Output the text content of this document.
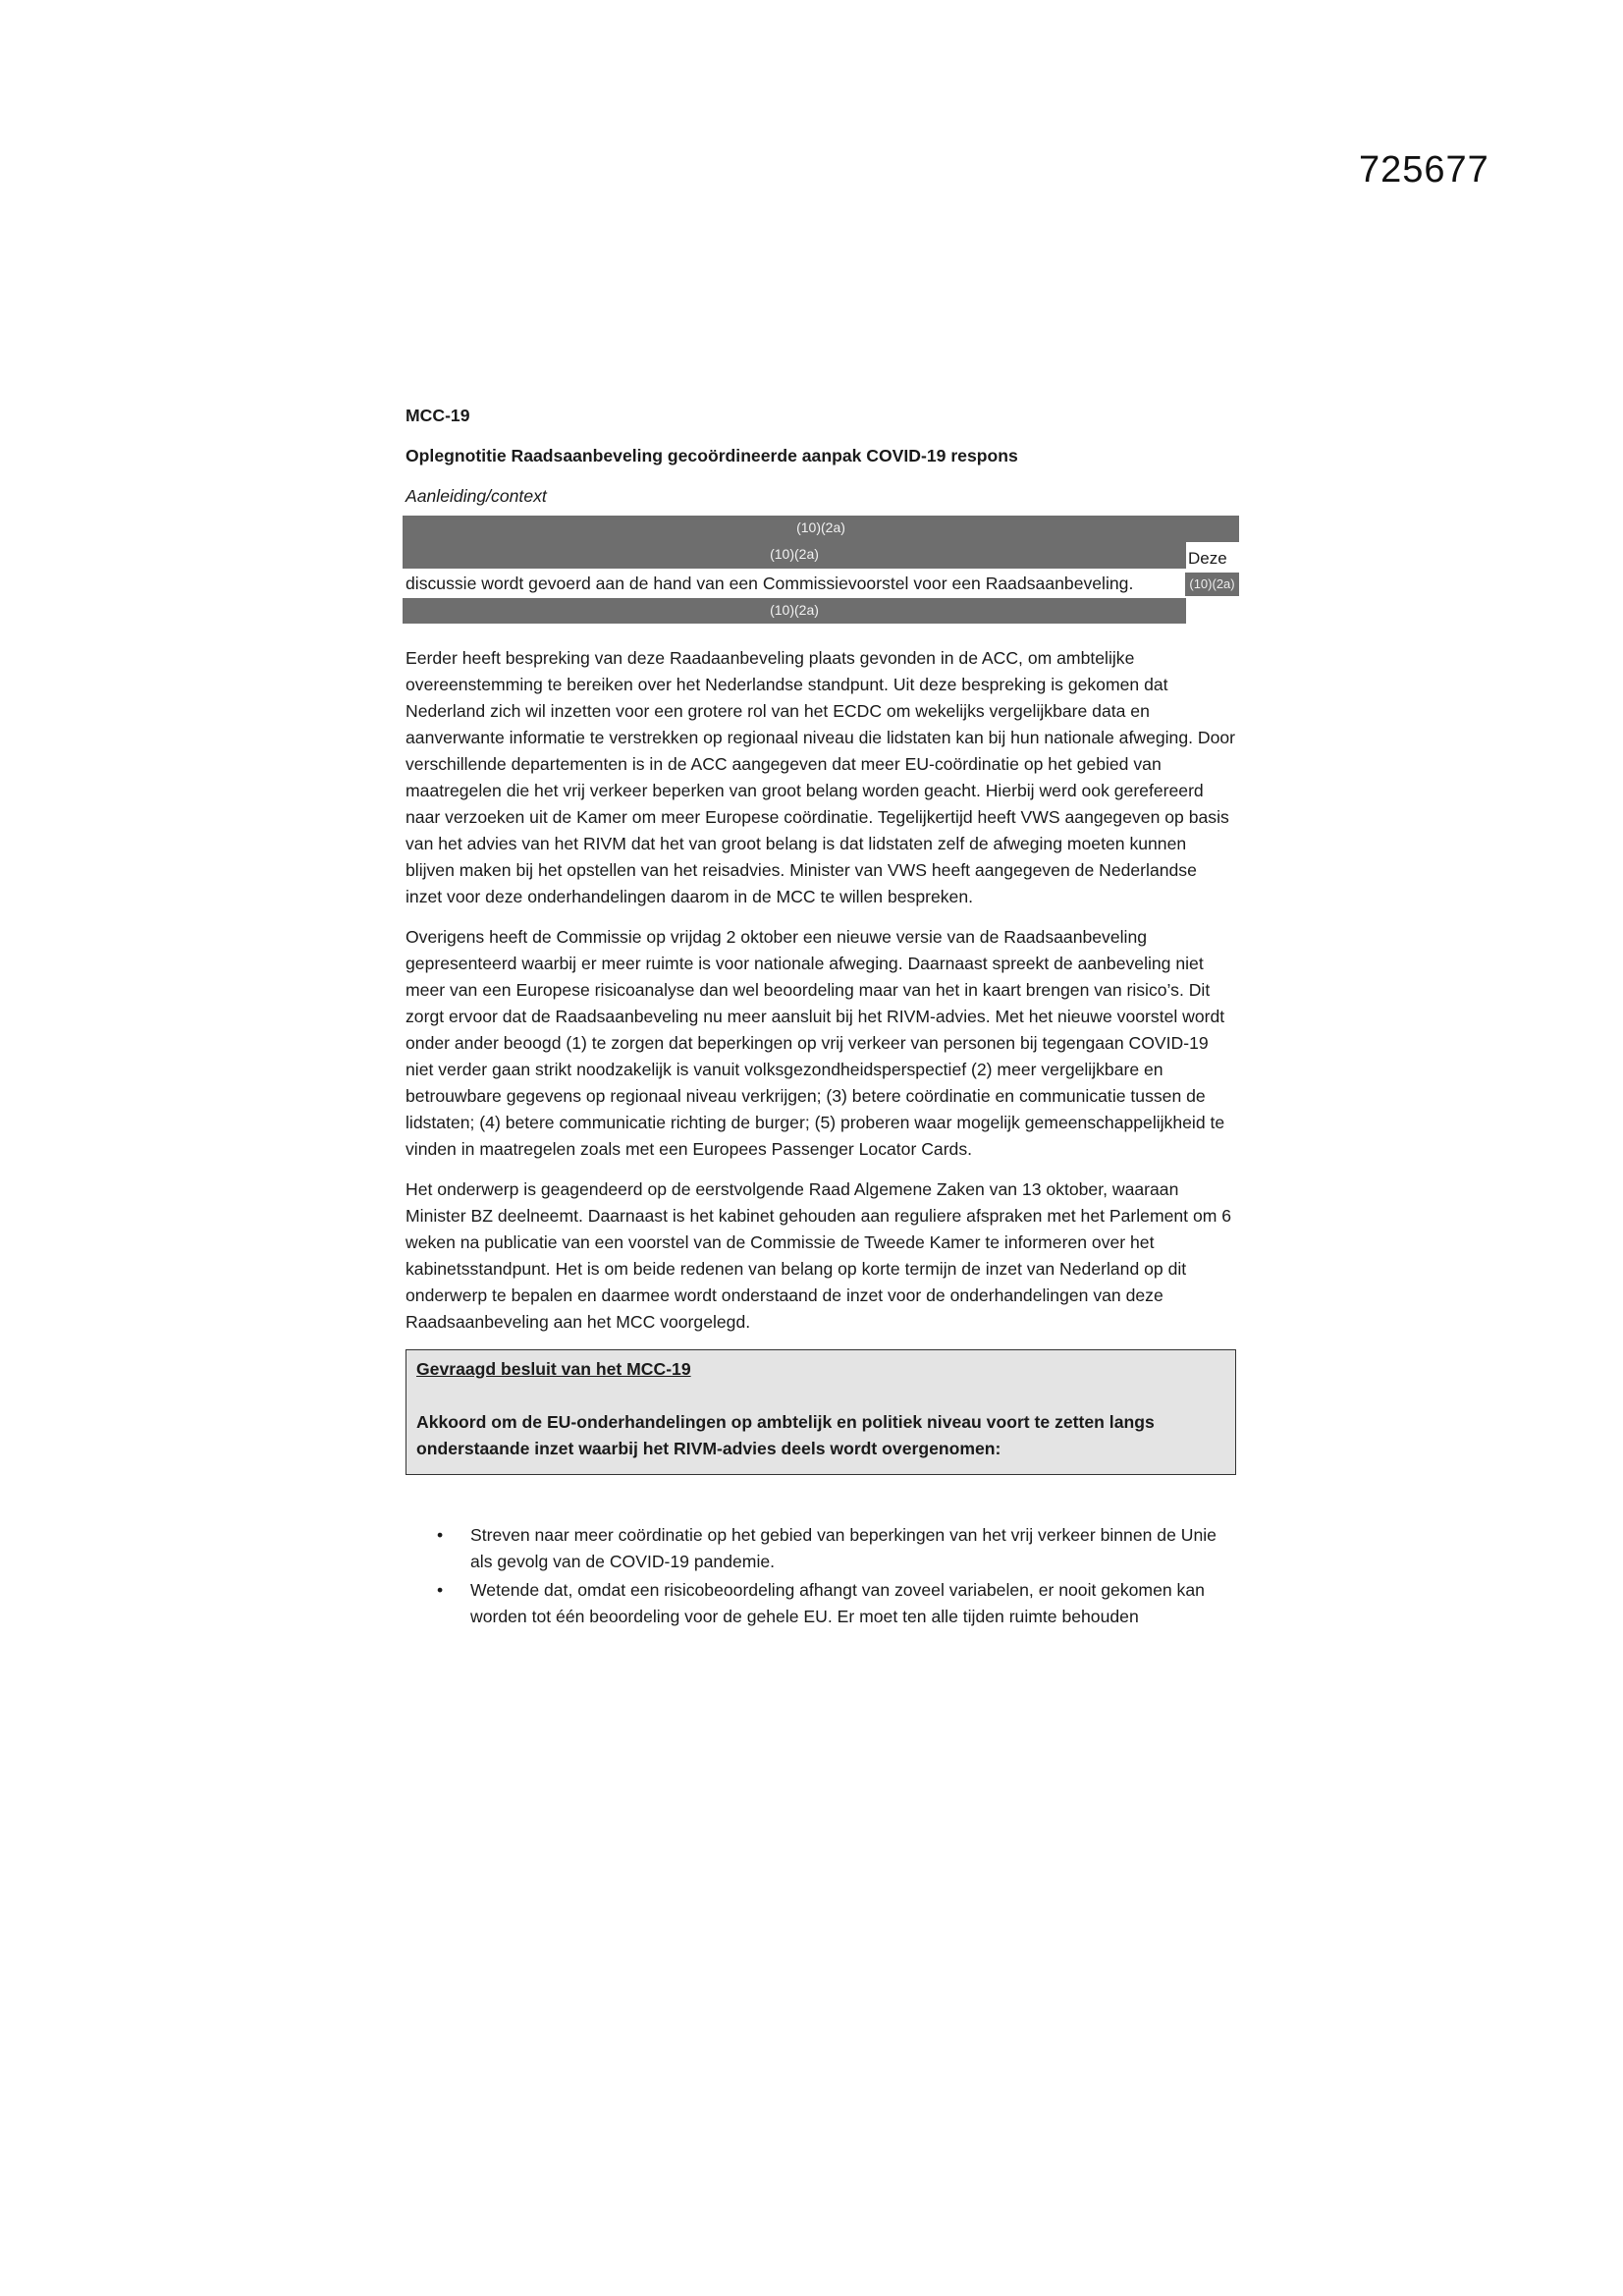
725677
MCC-19
Oplegnotitie Raadsaanbeveling gecoördineerde aanpak COVID-19 respons
Aanleiding/context
(10)(2a)
(10)(2a)	Deze
discussie wordt gevoerd aan de hand van een Commissievoorstel voor een Raadsaanbeveling.	(10)(2a)
(10)(2a)

Eerder heeft bespreking van deze Raadaanbeveling plaats gevonden in de ACC, om ambtelijke overeenstemming te bereiken over het Nederlandse standpunt. Uit deze bespreking is gekomen dat Nederland zich wil inzetten voor een grotere rol van het ECDC om wekelijks vergelijkbare data en aanverwante informatie te verstrekken op regionaal niveau die lidstaten kan bij hun nationale afweging. Door verschillende departementen is in de ACC aangegeven dat meer EU-coördinatie op het gebied van maatregelen die het vrij verkeer beperken van groot belang worden geacht. Hierbij werd ook gerefereerd naar verzoeken uit de Kamer om meer Europese coördinatie. Tegelijkertijd heeft VWS aangegeven op basis van het advies van het RIVM dat het van groot belang is dat lidstaten zelf de afweging moeten kunnen blijven maken bij het opstellen van het reisadvies. Minister van VWS heeft aangegeven de Nederlandse inzet voor deze onderhandelingen daarom in de MCC te willen bespreken.

Overigens heeft de Commissie op vrijdag 2 oktober een nieuwe versie van de Raadsaanbeveling gepresenteerd waarbij er meer ruimte is voor nationale afweging. Daarnaast spreekt de aanbeveling niet meer van een Europese risicoanalyse dan wel beoordeling maar van het in kaart brengen van risico’s. Dit zorgt ervoor dat de Raadsaanbeveling nu meer aansluit bij het RIVM-advies. Met het nieuwe voorstel wordt onder ander beoogd (1) te zorgen dat beperkingen op vrij verkeer van personen bij tegengaan COVID-19 niet verder gaan strikt noodzakelijk is vanuit volksgezondheidsperspectief (2) meer vergelijkbare en betrouwbare gegevens op regionaal niveau verkrijgen; (3) betere coördinatie en communicatie tussen de lidstaten; (4) betere communicatie richting de burger; (5) proberen waar mogelijk gemeenschappelijkheid te vinden in maatregelen zoals met een Europees Passenger Locator Cards.

Het onderwerp is geagendeerd op de eerstvolgende Raad Algemene Zaken van 13 oktober, waaraan Minister BZ deelneemt. Daarnaast is het kabinet gehouden aan reguliere afspraken met het Parlement om 6 weken na publicatie van een voorstel van de Commissie de Tweede Kamer te informeren over het kabinetsstandpunt. Het is om beide redenen van belang op korte termijn de inzet van Nederland op dit onderwerp te bepalen en daarmee wordt onderstaand de inzet voor de onderhandelingen van deze Raadsaanbeveling aan het MCC voorgelegd.

Gevraagd besluit van het MCC-19
Akkoord om de EU-onderhandelingen op ambtelijk en politiek niveau voort te zetten langs onderstaande inzet waarbij het RIVM-advies deels wordt overgenomen:
• Streven naar meer coördinatie op het gebied van beperkingen van het vrij verkeer binnen de Unie als gevolg van de COVID-19 pandemie.
• Wetende dat, omdat een risicobeoordeling afhangt van zoveel variabelen, er nooit gekomen kan worden tot één beoordeling voor de gehele EU. Er moet ten alle tijden ruimte behouden
